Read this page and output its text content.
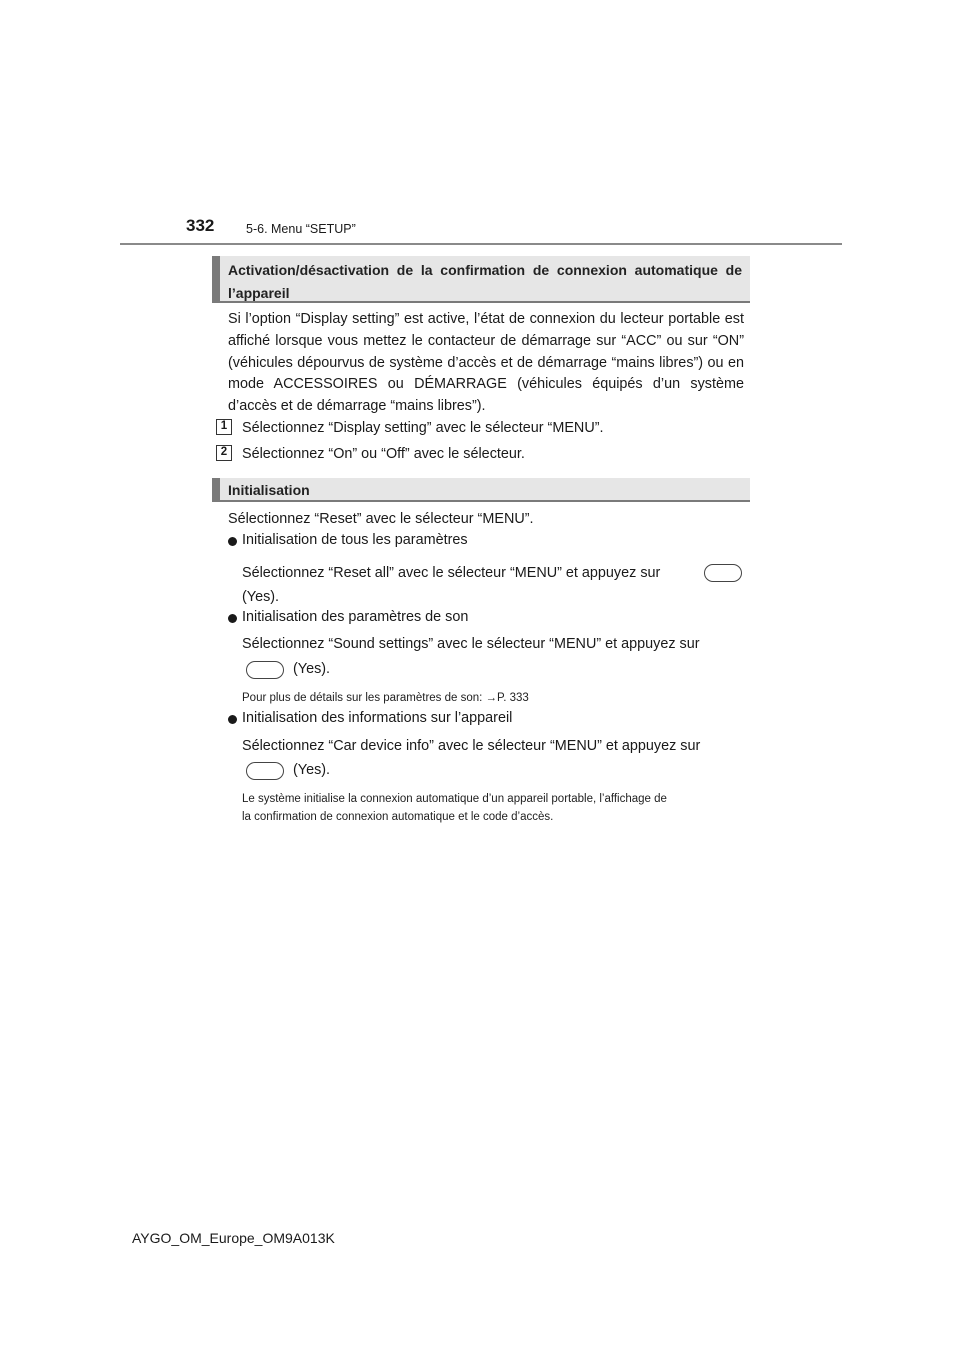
332	5-6. Menu “SETUP”
Activation/désactivation de la confirmation de connexion automatique de l’appareil
Si l’option “Display setting” est active, l’état de connexion du lecteur portable est affiché lorsque vous mettez le contacteur de démarrage sur “ACC” ou sur “ON” (véhicules dépourvus de système d’accès et de démarrage “mains libres”) ou en mode ACCESSOIRES ou DÉMARRAGE (véhicules équipés d’un système d’accès et de démarrage “mains libres”).
1	Sélectionnez “Display setting” avec le sélecteur “MENU”.
2	Sélectionnez “On” ou “Off” avec le sélecteur.
Initialisation
Sélectionnez “Reset” avec le sélecteur “MENU”.
Initialisation de tous les paramètres
Sélectionnez “Reset all” avec le sélecteur “MENU” et appuyez sur
(Yes).
Initialisation des paramètres de son
Sélectionnez “Sound settings” avec le sélecteur “MENU” et appuyez sur
(Yes).
Pour plus de détails sur les paramètres de son: →P. 333
Initialisation des informations sur l’appareil
Sélectionnez “Car device info” avec le sélecteur “MENU” et appuyez sur
(Yes).
Le système initialise la connexion automatique d’un appareil portable, l’affichage de
la confirmation de connexion automatique et le code d’accès.
AYGO_OM_Europe_OM9A013K
